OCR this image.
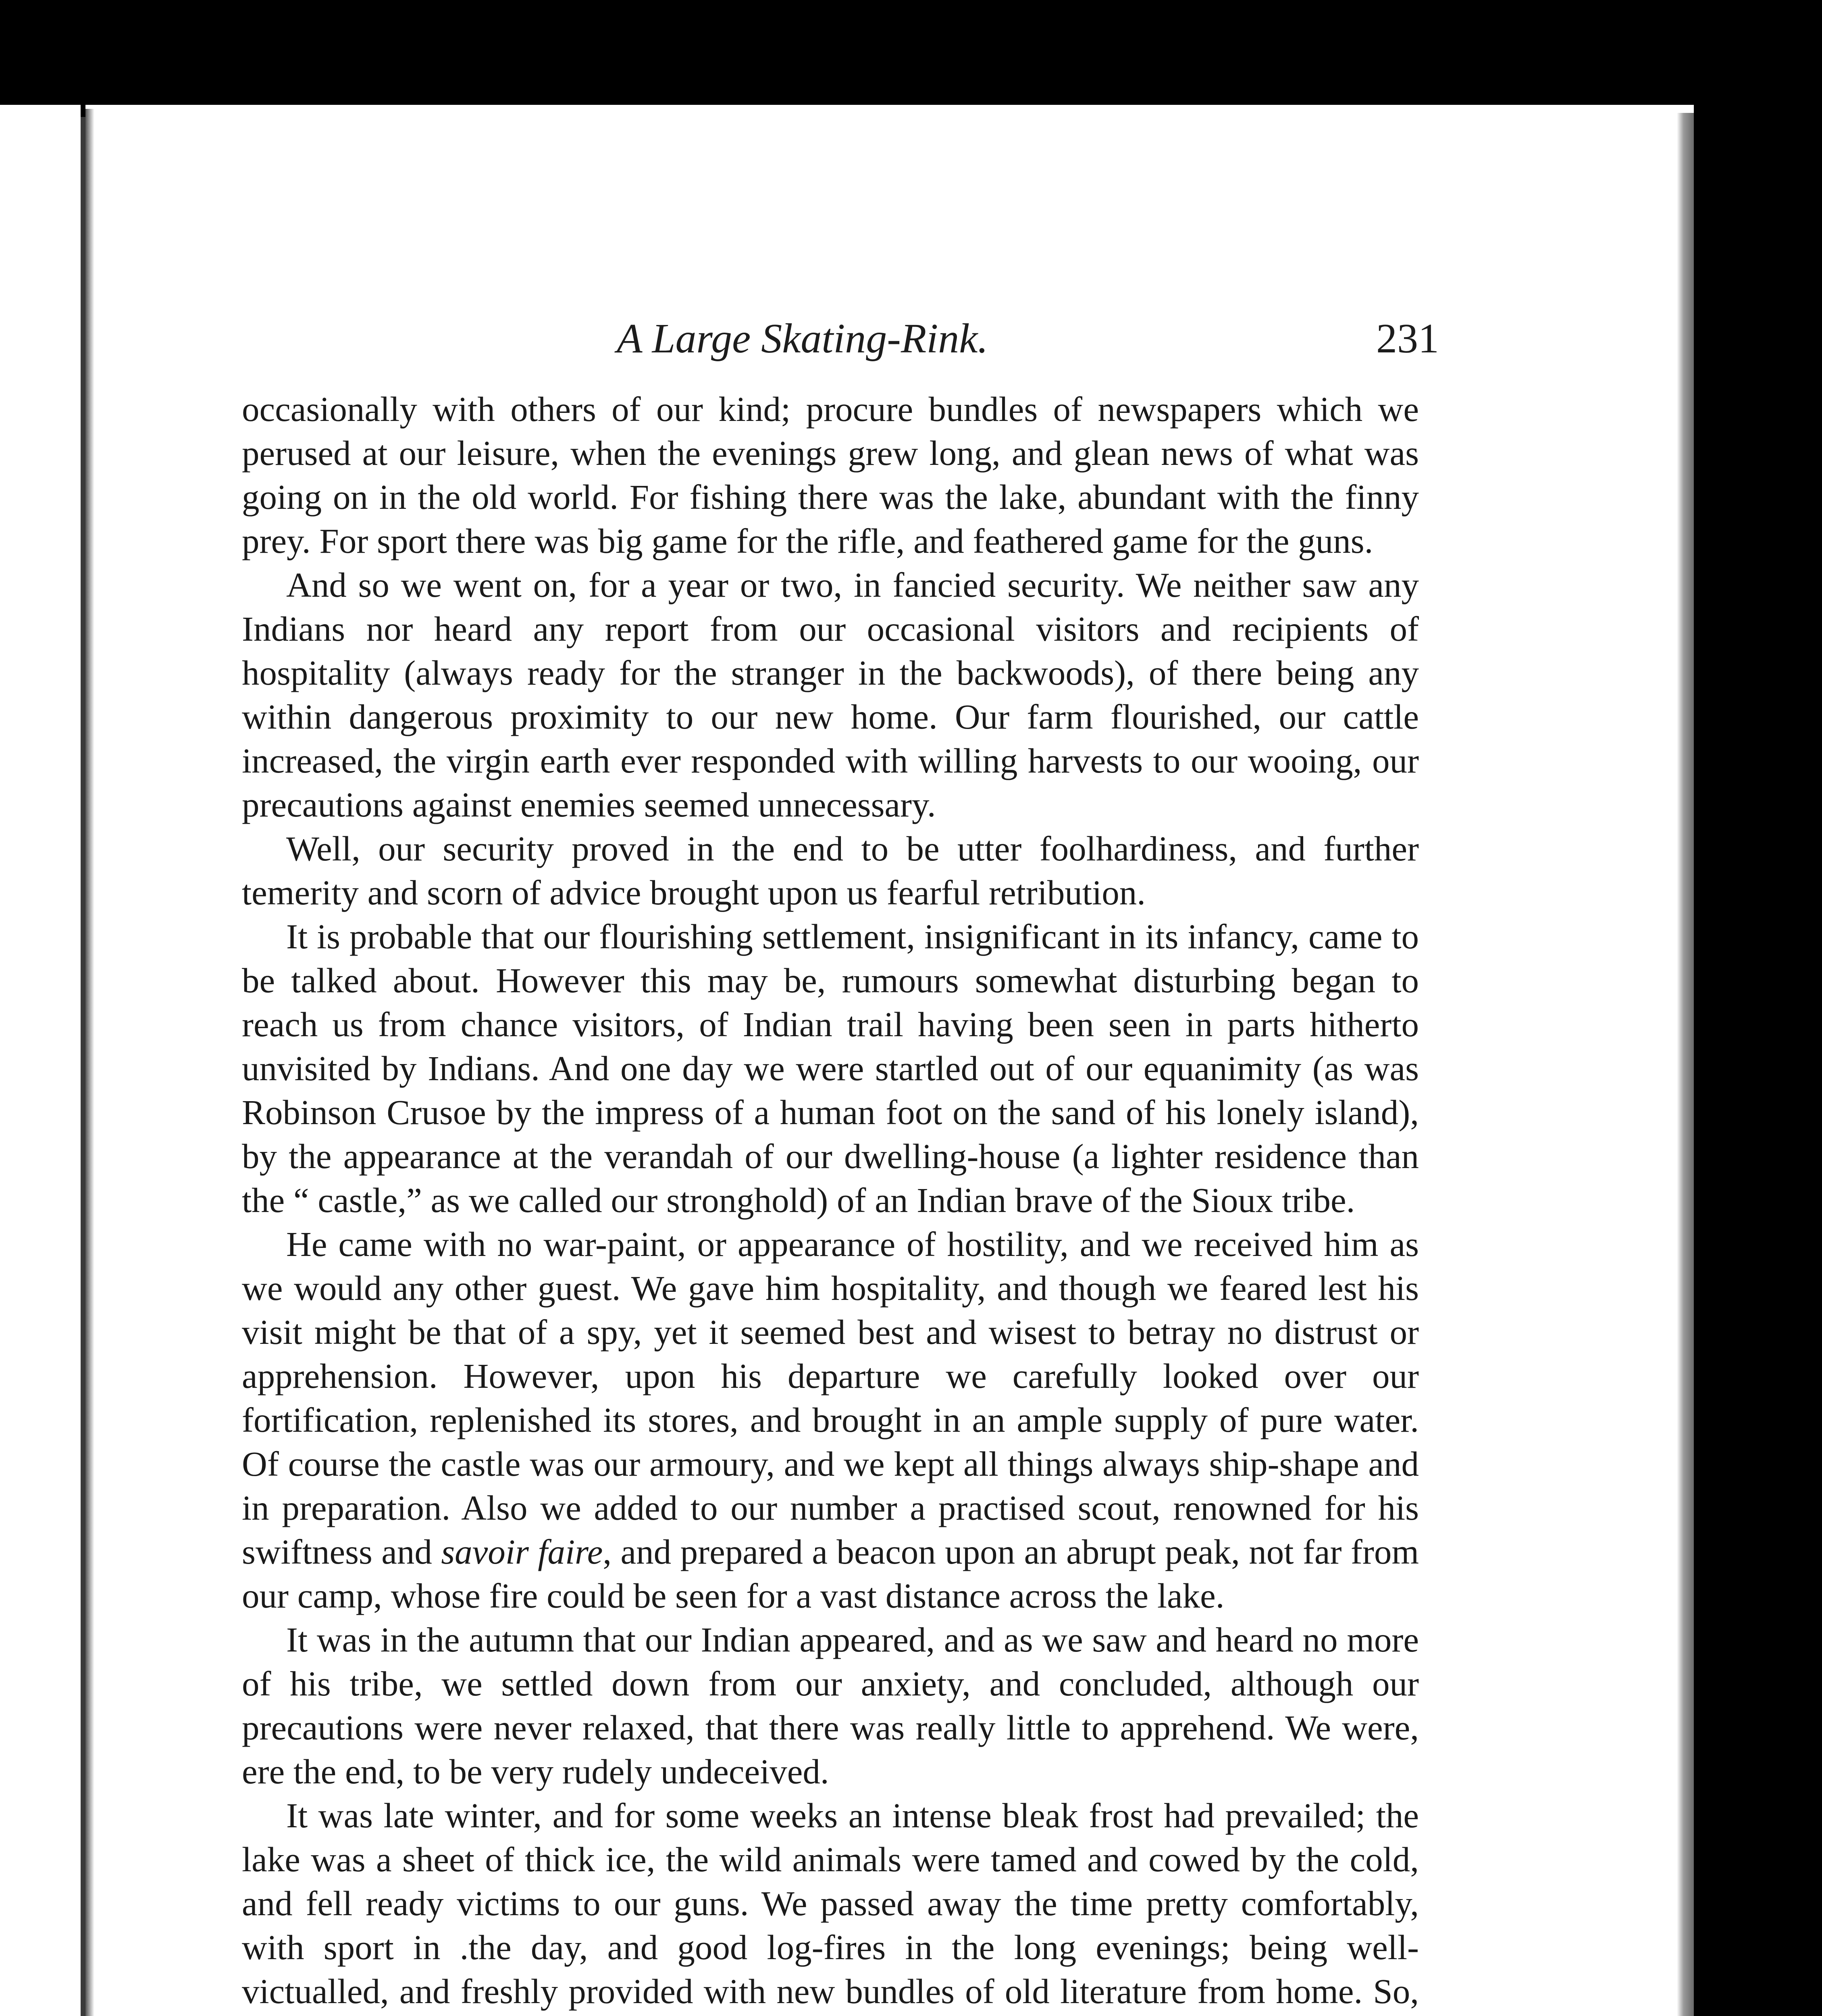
A Large Skating-Rink.	231

occasionally with others of our kind; procure bundles of newspapers which we perused at our leisure, when the evenings grew long, and glean news of what was going on in the old world. For fishing there was the lake, abundant with the finny prey. For sport there was big game for the rifle, and feathered game for the guns.

And so we went on, for a year or two, in fancied security. We neither saw any Indians nor heard any report from our occasional visitors and recipients of hospitality (always ready for the stranger in the backwoods), of there being any within dangerous proximity to our new home. Our farm flourished, our cattle increased, the virgin earth ever responded with willing harvests to our wooing, our precautions against enemies seemed unnecessary.

Well, our security proved in the end to be utter foolhardiness, and further temerity and scorn of advice brought upon us fearful retribution.

It is probable that our flourishing settlement, insignificant in its infancy, came to be talked about. However this may be, rumours somewhat disturbing began to reach us from chance visitors, of Indian trail having been seen in parts hitherto unvisited by Indians. And one day we were startled out of our equanimity (as was Robinson Crusoe by the impress of a human foot on the sand of his lonely island), by the appearance at the verandah of our dwelling-house (a lighter residence than the “ castle,” as we called our stronghold) of an Indian brave of the Sioux tribe.

He came with no war-paint, or appearance of hostility, and we received him as we would any other guest. We gave him hospitality, and though we feared lest his visit might be that of a spy, yet it seemed best and wisest to betray no distrust or apprehension. However, upon his departure we carefully looked over our fortification, replenished its stores, and brought in an ample supply of pure water. Of course the castle was our armoury, and we kept all things always ship-shape and in preparation. Also we added to our number a practised scout, renowned for his swiftness and savoir faire, and prepared a beacon upon an abrupt peak, not far from our camp, whose fire could be seen for a vast distance across the lake.

It was in the autumn that our Indian appeared, and as we saw and heard no more of his tribe, we settled down from our anxiety, and concluded, although our precautions were never relaxed, that there was really little to apprehend. We were, ere the end, to be very rudely undeceived.

It was late winter, and for some weeks an intense bleak frost had prevailed; the lake was a sheet of thick ice, the wild animals were tamed and cowed by the cold, and fell ready victims to our guns. We passed away the time pretty comfortably, with sport in .the day, and good log-fires in the long evenings; being well-victualled, and freshly provided with new bundles of old literature from home. So,
